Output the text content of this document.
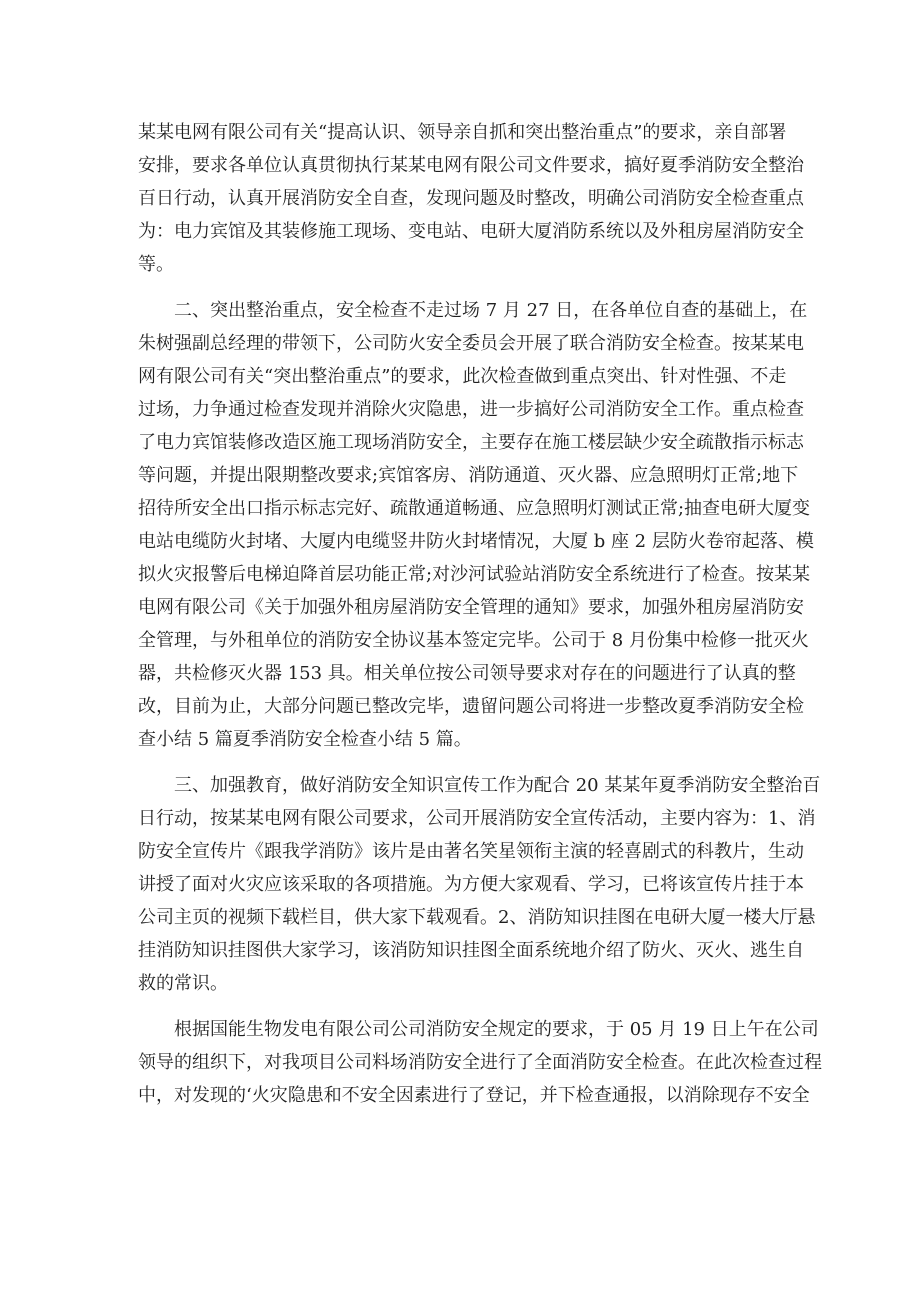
某某电网有限公司有关“提高认识、领导亲自抓和突出整治重点”的要求，亲自部署
安排，要求各单位认真贯彻执行某某电网有限公司文件要求，搞好夏季消防安全整治
百日行动，认真开展消防安全自查，发现问题及时整改，明确公司消防安全检查重点
为：电力宾馆及其装修施工现场、变电站、电研大厦消防系统以及外租房屋消防安全
等。
二、突出整治重点，安全检查不走过场 7 月 27 日，在各单位自查的基础上，在
朱树强副总经理的带领下，公司防火安全委员会开展了联合消防安全检查。按某某电
网有限公司有关“突出整治重点”的要求，此次检查做到重点突出、针对性强、不走
过场，力争通过检查发现并消除火灾隐患，进一步搞好公司消防安全工作。重点检查
了电力宾馆装修改造区施工现场消防安全，主要存在施工楼层缺少安全疏散指示标志
等问题，并提出限期整改要求;宾馆客房、消防通道、灭火器、应急照明灯正常;地下
招待所安全出口指示标志完好、疏散通道畅通、应急照明灯测试正常;抽查电研大厦变
电站电缆防火封堵、大厦内电缆竖井防火封堵情况，大厦 b 座 2 层防火卷帘起落、模
拟火灾报警后电梯迫降首层功能正常;对沙河试验站消防安全系统进行了检查。按某某
电网有限公司《关于加强外租房屋消防安全管理的通知》要求，加强外租房屋消防安
全管理，与外租单位的消防安全协议基本签定完毕。公司于 8 月份集中检修一批灭火
器，共检修灭火器 153 具。相关单位按公司领导要求对存在的问题进行了认真的整
改，目前为止，大部分问题已整改完毕，遗留问题公司将进一步整改夏季消防安全检
查小结 5 篇夏季消防安全检查小结 5 篇。
三、加强教育，做好消防安全知识宣传工作为配合 20 某某年夏季消防安全整治百
日行动，按某某电网有限公司要求，公司开展消防安全宣传活动，主要内容为：1、消
防安全宣传片《跟我学消防》该片是由著名笑星领衔主演的轻喜剧式的科教片，生动
讲授了面对火灾应该采取的各项措施。为方便大家观看、学习，已将该宣传片挂于本
公司主页的视频下载栏目，供大家下载观看。2、消防知识挂图在电研大厦一楼大厅悬
挂消防知识挂图供大家学习，该消防知识挂图全面系统地介绍了防火、灭火、逃生自
救的常识。
根据国能生物发电有限公司公司消防安全规定的要求，于 05 月 19 日上午在公司
领导的组织下，对我项目公司料场消防安全进行了全面消防安全检查。在此次检查过程
中，对发现的‘火灾隐患和不安全因素进行了登记，并下检查通报，以消除现存不安全
